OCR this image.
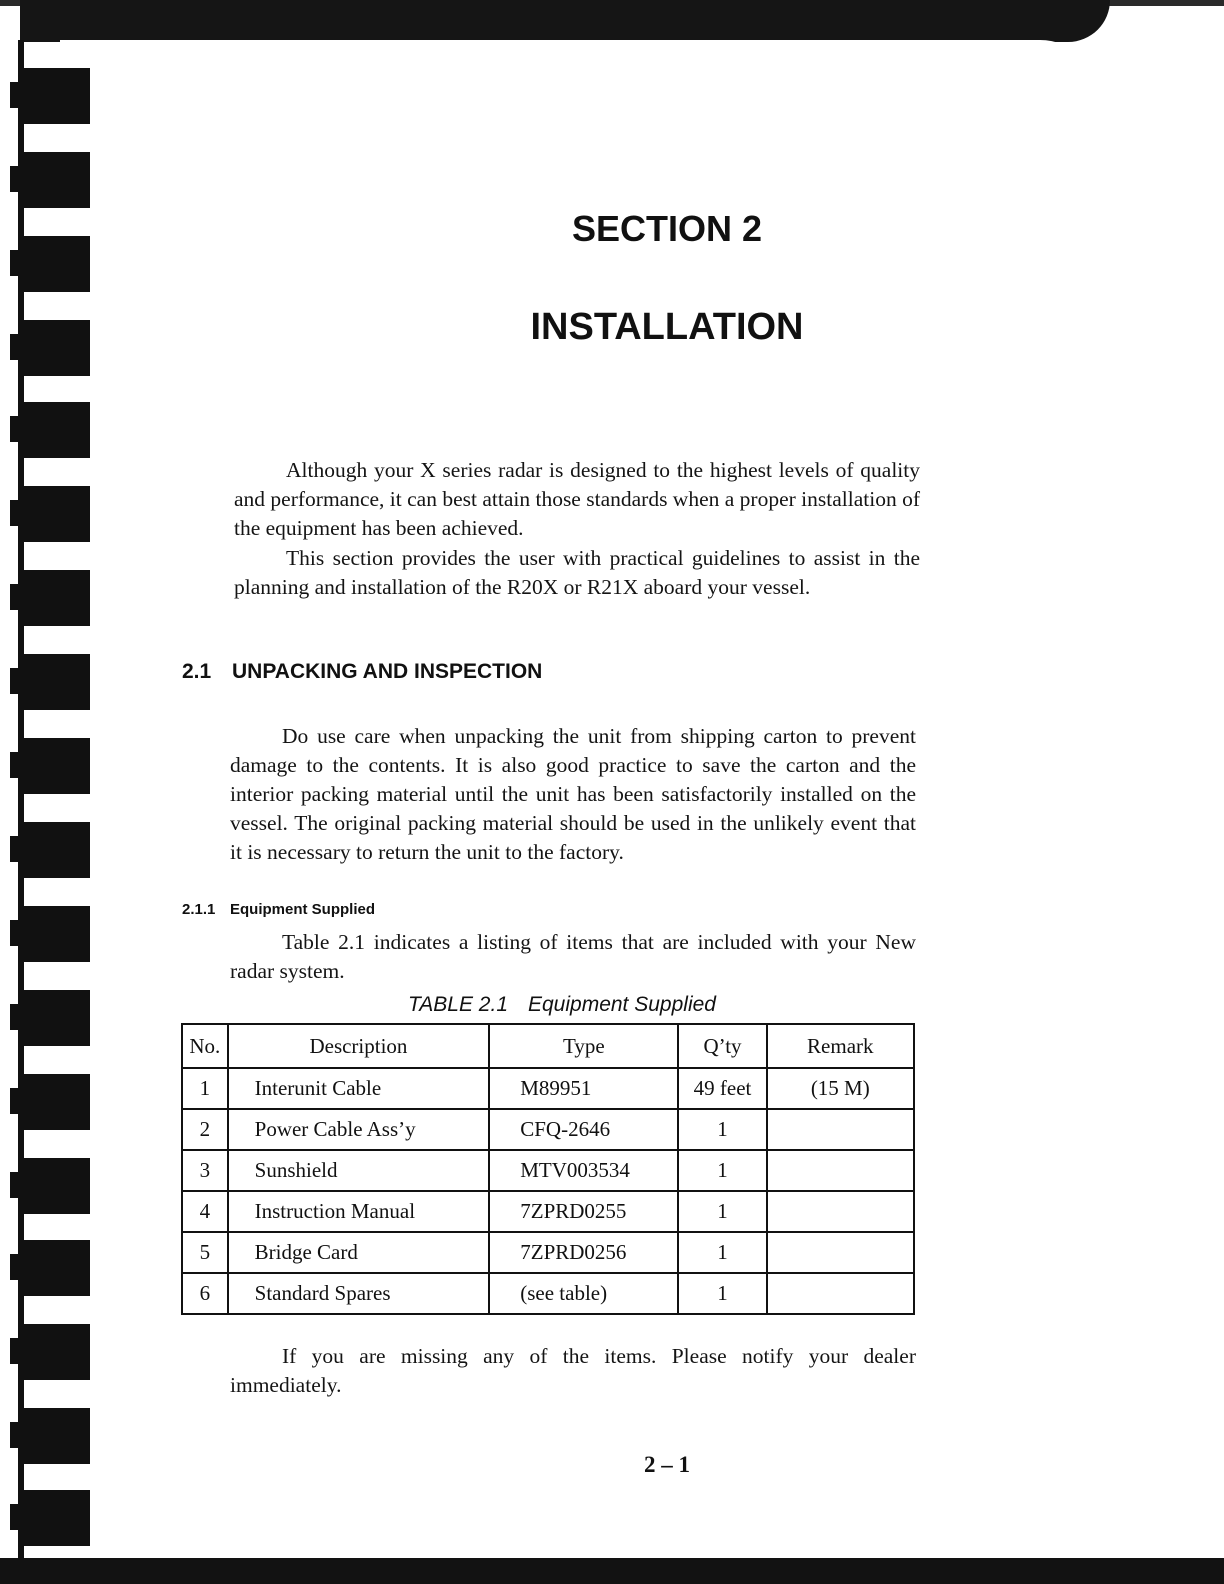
SECTION 2
INSTALLATION
Although your X series radar is designed to the highest levels of quality and performance, it can best attain those standards when a proper installation of the equipment has been achieved.
This section provides the user with practical guidelines to assist in the planning and installation of the R20X or R21X aboard your vessel.
2.1 UNPACKING AND INSPECTION
Do use care when unpacking the unit from shipping carton to prevent damage to the contents. It is also good practice to save the carton and the interior packing material until the unit has been satisfactorily installed on the vessel. The original packing material should be used in the unlikely event that it is necessary to return the unit to the factory.
2.1.1 Equipment Supplied
Table 2.1 indicates a listing of items that are included with your New radar system.
TABLE 2.1 Equipment Supplied
No.	Description	Type	Q’ty	Remark
1	Interunit Cable	M89951	49 feet	(15 M)
2	Power Cable Ass’y	CFQ-2646	1	
3	Sunshield	MTV003534	1	
4	Instruction Manual	7ZPRD0255	1	
5	Bridge Card	7ZPRD0256	1	
6	Standard Spares	(see table)	1	
If you are missing any of the items. Please notify your dealer immediately.
2 – 1
